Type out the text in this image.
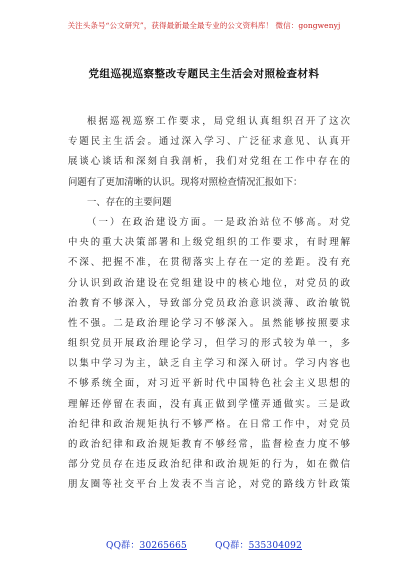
关注头条号“公文研究”，获得最新最全最专业的公文资料库！ 微信：gongwenyj
党组巡视巡察整改专题民主生活会对照检查材料
根据巡视巡察工作要求，局党组认真组织召开了这次
专题民主生活会。通过深入学习、广泛征求意见、认真开
展谈心谈话和深刻自我剖析，我们对党组在工作中存在的
问题有了更加清晰的认识。现将对照检查情况汇报如下：
一、存在的主要问题
（一）在政治建设方面。一是政治站位不够高。对党
中央的重大决策部署和上级党组织的工作要求，有时理解
不深、把握不准，在贯彻落实上存在一定的差距。没有充
分认识到政治建设在党组建设中的核心地位，对党员的政
治教育不够深入，导致部分党员政治意识淡薄、政治敏锐
性不强。二是政治理论学习不够深入。虽然能够按照要求
组织党员开展政治理论学习，但学习的形式较为单一，多
以集中学习为主，缺乏自主学习和深入研讨。学习内容也
不够系统全面，对习近平新时代中国特色社会主义思想的
理解还停留在表面，没有真正做到学懂弄通做实。三是政
治纪律和政治规矩执行不够严格。在日常工作中，对党员
的政治纪律和政治规矩教育不够经常，监督检查力度不够
部分党员存在违反政治纪律和政治规矩的行为，如在微信
朋友圈等社交平台上发表不当言论，对党的路线方针政策
QQ群：30265665	QQ群：535304092
